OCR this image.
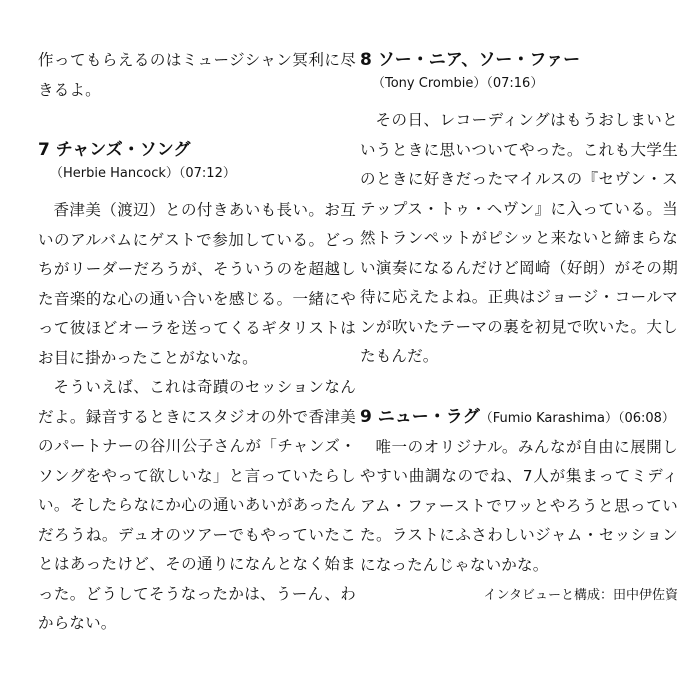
作ってもらえるのはミュージシャン冥利に尽きるよ。

7 チャンズ・ソング

（Herbie Hancock）（07:12）

香津美（渡辺）との付きあいも長い。お互いのアルバムにゲストで参加している。どっちがリーダーだろうが、そういうのを超越した音楽的な心の通い合いを感じる。一緒にやって彼ほどオーラを送ってくるギタリストはお目に掛かったことがないな。

そういえば、これは奇蹟のセッションなんだよ。録音するときにスタジオの外で香津美のパートナーの谷川公子さんが「チャンズ・ソングをやって欲しいな」と言っていたらしい。そしたらなにか心の通いあいがあったんだろうね。デュオのツアーでもやっていたことはあったけど、その通りになんとなく始まった。どうしてそうなったかは、うーん、わからない。

8 ソー・ニア、ソー・ファー

（Tony Crombie）（07:16）

その日、レコーディングはもうおしまいというときに思いついてやった。これも大学生のときに好きだったマイルスの『セヴン・ステップス・トゥ・ヘヴン』に入っている。当然トランペットがピシッと来ないと締まらない演奏になるんだけど岡崎（好朗）がその期待に応えたよね。正典はジョージ・コールマンが吹いたテーマの裏を初見で吹いた。大したもんだ。

9 ニュー・ラグ（Fumio Karashima）（06:08）

唯一のオリジナル。みんなが自由に展開しやすい曲調なのでね、7人が集まってミディアム・ファーストでワッとやろうと思っていた。ラストにふさわしいジャム・セッションになったんじゃないかな。

インタビューと構成：田中伊佐資
